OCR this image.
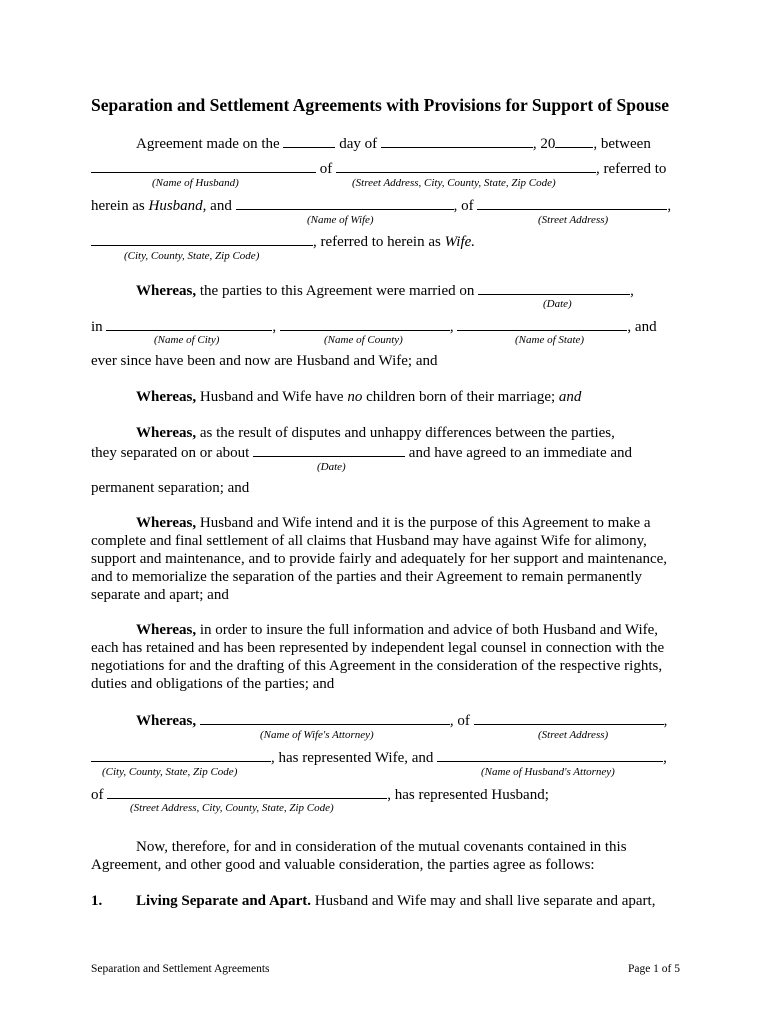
Separation and Settlement Agreements with Provisions for Support of Spouse
Agreement made on the	day of	, 20	, between
of	, referred to
(Name of Husband)	(Street Address, City, County, State, Zip Code)
herein as Husband, and	, of	,
(Name of Wife)	(Street Address)
, referred to herein as Wife.
(City, County, State, Zip Code)
Whereas, the parties to this Agreement were married on	,
(Date)
in	,	,	, and
(Name of City)	(Name of County)	(Name of State)
ever since have been and now are Husband and Wife; and
Whereas, Husband and Wife have no children born of their marriage; and
Whereas, as the result of disputes and unhappy differences between the parties,
they separated on or about	and have agreed to an immediate and
(Date)
permanent separation; and
Whereas, Husband and Wife intend and it is the purpose of this Agreement to make a
complete and final settlement of all claims that Husband may have against Wife for alimony,
support and maintenance, and to provide fairly and adequately for her support and maintenance,
and to memorialize the separation of the parties and their Agreement to remain permanently
separate and apart; and
Whereas, in order to insure the full information and advice of both Husband and Wife,
each has retained and has been represented by independent legal counsel in connection with the
negotiations for and the drafting of this Agreement in the consideration of the respective rights,
duties and obligations of the parties; and
Whereas,	, of	,
(Name of Wife's Attorney)	(Street Address)
, has represented Wife, and	,
(City, County, State, Zip Code)	(Name of Husband's Attorney)
of	, has represented Husband;
(Street Address, City, County, State, Zip Code)
Now, therefore, for and in consideration of the mutual covenants contained in this
Agreement, and other good and valuable consideration, the parties agree as follows:
1. Living Separate and Apart. Husband and Wife may and shall live separate and apart,
Separation and Settlement Agreements	Page 1 of 5
